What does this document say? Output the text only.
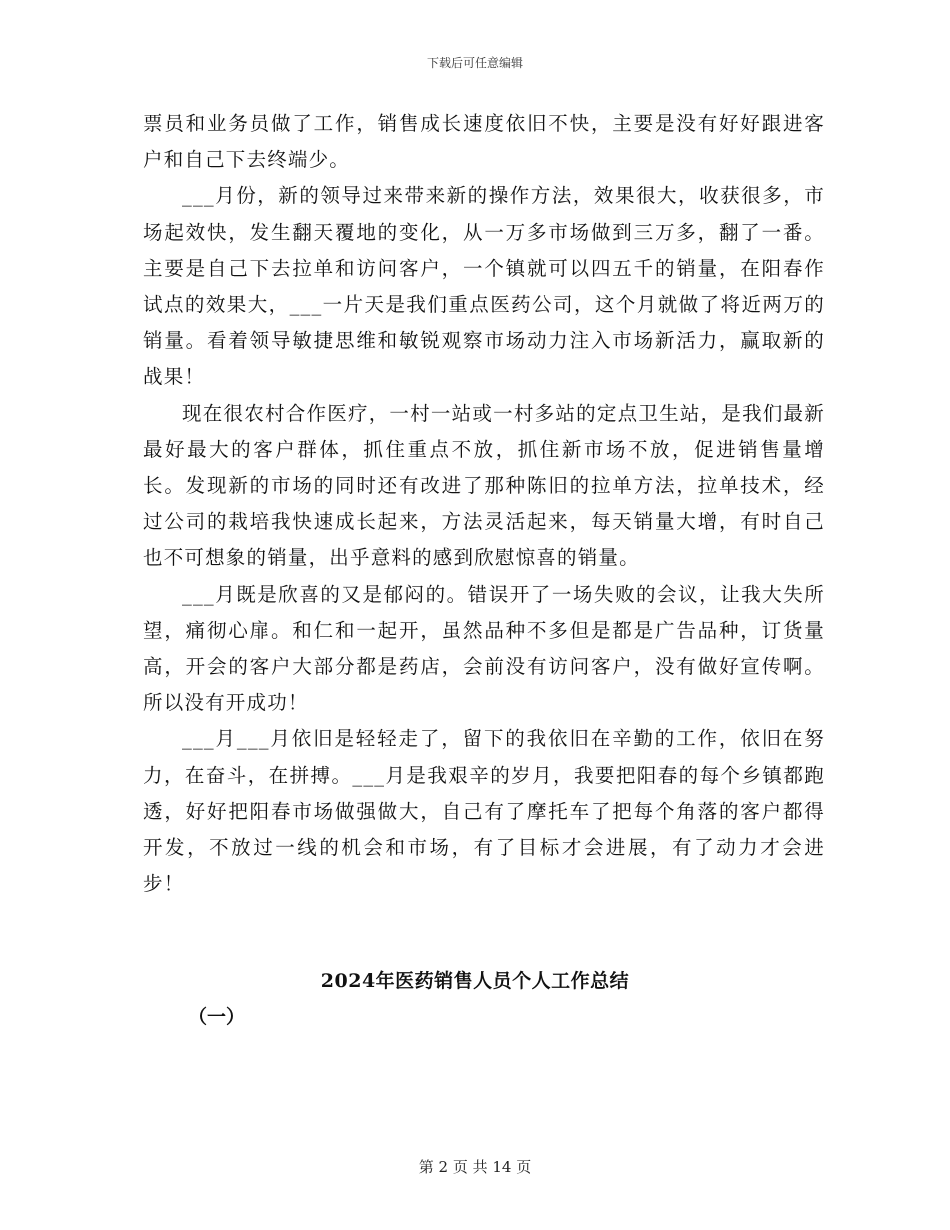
下载后可任意编辑

票员和业务员做了工作，销售成长速度依旧不快，主要是没有好好跟进客户和自己下去终端少。

___月份，新的领导过来带来新的操作方法，效果很大，收获很多，市场起效快，发生翻天覆地的变化，从一万多市场做到三万多，翻了一番。主要是自己下去拉单和访问客户，一个镇就可以四五千的销量，在阳春作试点的效果大，___一片天是我们重点医药公司，这个月就做了将近两万的销量。看着领导敏捷思维和敏锐观察市场动力注入市场新活力，赢取新的战果！

现在很农村合作医疗，一村一站或一村多站的定点卫生站，是我们最新最好最大的客户群体，抓住重点不放，抓住新市场不放，促进销售量增长。发现新的市场的同时还有改进了那种陈旧的拉单方法，拉单技术，经过公司的栽培我快速成长起来，方法灵活起来，每天销量大增，有时自己也不可想象的销量，出乎意料的感到欣慰惊喜的销量。

___月既是欣喜的又是郁闷的。错误开了一场失败的会议，让我大失所望，痛彻心扉。和仁和一起开，虽然品种不多但是都是广告品种，订货量高，开会的客户大部分都是药店，会前没有访问客户，没有做好宣传啊。所以没有开成功！

___月___月依旧是轻轻走了，留下的我依旧在辛勤的工作，依旧在努力，在奋斗，在拼搏。___月是我艰辛的岁月，我要把阳春的每个乡镇都跑透，好好把阳春市场做强做大，自己有了摩托车了把每个角落的客户都得开发，不放过一线的机会和市场，有了目标才会进展，有了动力才会进步！

2024年医药销售人员个人工作总结
（一）
第 2 页 共 14 页
